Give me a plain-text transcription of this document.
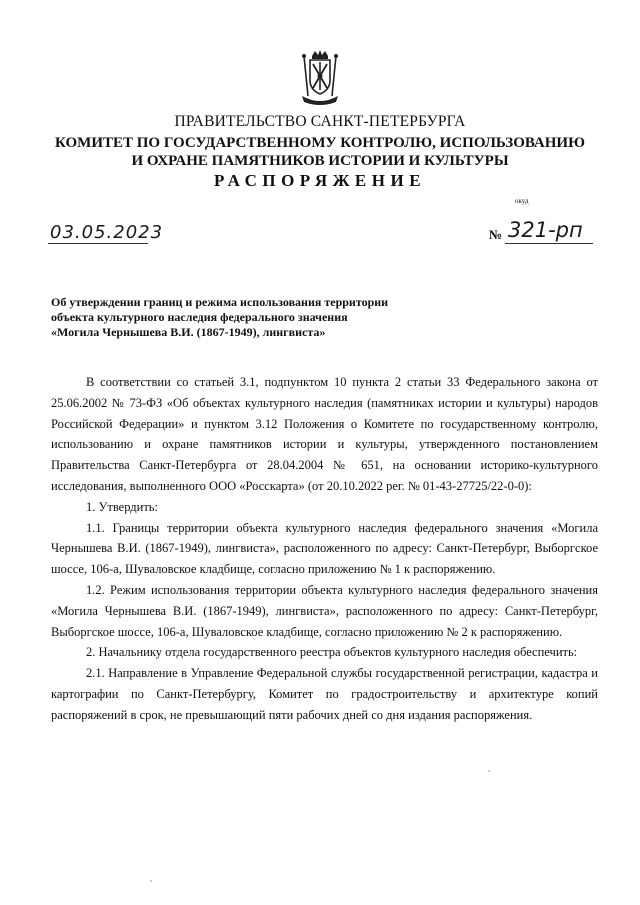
ПРАВИТЕЛЬСТВО САНКТ-ПЕТЕРБУРГА
КОМИТЕТ ПО ГОСУДАРСТВЕННОМУ КОНТРОЛЮ, ИСПОЛЬЗОВАНИЮ
И ОХРАНЕ ПАМЯТНИКОВ ИСТОРИИ И КУЛЬТУРЫ
РАСПОРЯЖЕНИЕ
окуд
03.05.2023	№ 321-рп
Об утверждении границ и режима использования территории
объекта культурного наследия федерального значения
«Могила Чернышева В.И. (1867-1949), лингвиста»

В соответствии со статьей 3.1, подпунктом 10 пункта 2 статьи 33 Федерального закона от 25.06.2002 № 73-ФЗ «Об объектах культурного наследия (памятниках истории и культуры) народов Российской Федерации» и пунктом 3.12 Положения о Комитете по государственному контролю, использованию и охране памятников истории и культуры, утвержденного постановлением Правительства Санкт-Петербурга от 28.04.2004 № 651, на основании историко-культурного исследования, выполненного ООО «Росскарта» (от 20.10.2022 рег. № 01-43-27725/22-0-0):

1. Утвердить:

1.1. Границы территории объекта культурного наследия федерального значения «Могила Чернышева В.И. (1867-1949), лингвиста», расположенного по адресу: Санкт-Петербург, Выборгское шоссе, 106-а, Шуваловское кладбище, согласно приложению № 1 к распоряжению.

1.2. Режим использования территории объекта культурного наследия федерального значения «Могила Чернышева В.И. (1867-1949), лингвиста», расположенного по адресу: Санкт-Петербург, Выборгское шоссе, 106-а, Шуваловское кладбище, согласно приложению № 2 к распоряжению.

2. Начальнику отдела государственного реестра объектов культурного наследия обеспечить:

2.1. Направление в Управление Федеральной службы государственной регистрации, кадастра и картографии по Санкт-Петербургу, Комитет по градостроительству и архитектуре копий распоряжений в срок, не превышающий пяти рабочих дней со дня издания распоряжения.
